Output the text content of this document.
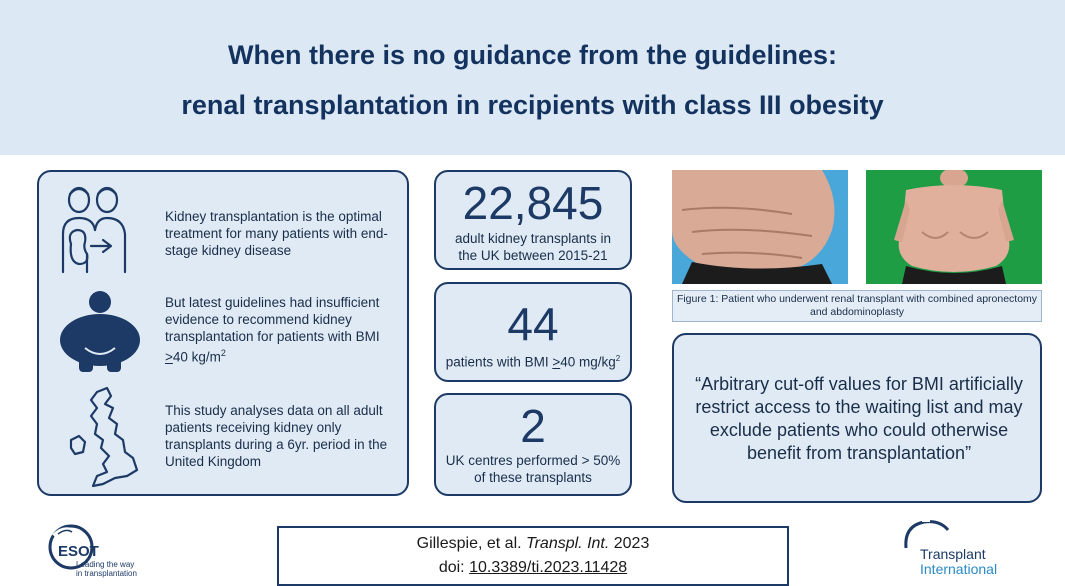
When there is no guidance from the guidelines:
renal transplantation in recipients with class III obesity
Kidney transplantation is the optimal treatment for many patients with end-stage kidney disease
But latest guidelines had insufficient evidence to recommend kidney transplantation for patients with BMI ≥40 $kg/m^2$
This study analyses data on all adult patients receiving kidney only transplants during a 6yr. period in the United Kingdom
22,845
adult kidney transplants in the UK between 2015-21
44
patients with BMI ≥40 $mg/kg^2$
2
UK centres performed > 50% of these transplants
Figure 1: Patient who underwent renal transplant with combined apronectomy and abdominoplasty
“Arbitrary cut-off values for BMI artificially restrict access to the waiting list and may exclude patients who could otherwise benefit from transplantation”
Gillespie, et al. Transpl. Int. 2023
doi: 10.3389/ti.2023.11428
ESOT
Leading the way
in transplantation
Transplant
International
